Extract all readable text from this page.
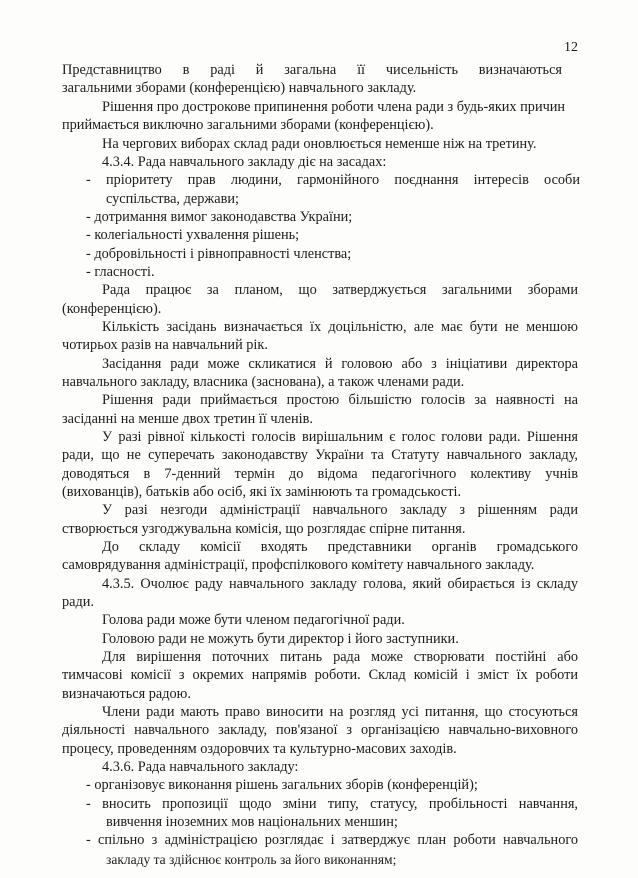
12
Представництво в раді й загальна її чисельність визначаються
загальними зборами (конференцією) навчального закладу.
Рішення про дострокове припинення роботи члена ради з будь-яких причин
приймається виключно загальними зборами (конференцією).
На чергових виборах склад ради оновлюється неменше ніж на третину.
4.3.4. Рада навчального закладу діє на засадах:
- пріоритету прав людини, гармонійного поєднання інтересів особи
суспільства, держави;
- дотримання вимог законодавства України;
- колегіальності ухвалення рішень;
- добровільності і рівноправності членства;
- гласності.
Рада працює за планом, що затверджується загальними зборами
(конференцією).
Кількість засідань визначається їх доцільністю, але має бути не меншою
чотирьох разів на навчальний рік.
Засідання ради може скликатися й головою або з ініціативи директора
навчального закладу, власника (заснована), а також членами ради.
Рішення ради приймається простою більшістю голосів за наявності на
засіданні на менше двох третин її членів.
У разі рівної кількості голосів вирішальним є голос голови ради. Рішення
ради, що не суперечать законодавству України та Статуту навчального закладу,
доводяться в 7-денний термін до відома педагогічного колективу учнів
(вихованців), батьків або осіб, які їх замінюють та громадськості.
У разі незгоди адміністрації навчального закладу з рішенням ради
створюється узгоджувальна комісія, що розглядає спірне питання.
До складу комісії входять представники органів громадського
самоврядування адміністрації, профспілкового комітету навчального закладу.
4.3.5. Очолює раду навчального закладу голова, який обирається із складу
ради.
Голова ради може бути членом педагогічної ради.
Головою ради не можуть бути директор і його заступники.
Для вирішення поточних питань рада може створювати постійні або
тимчасові комісії з окремих напрямів роботи. Склад комісій і зміст їх роботи
визначаються радою.
Члени ради мають право виносити на розгляд усі питання, що стосуються
діяльності навчального закладу, пов'язаної з організацією навчально-виховного
процесу, проведенням оздоровчих та культурно-масових заходів.
4.3.6. Рада навчального закладу:
- організовує виконання рішень загальних зборів (конференцій);
- вносить пропозиції щодо зміни типу, статусу, пробільності навчання,
вивчення іноземних мов національних меншин;
- спільно з адміністрацією розглядає і затверджує план роботи навчального
закладу та здійснює контроль за його виконанням;
